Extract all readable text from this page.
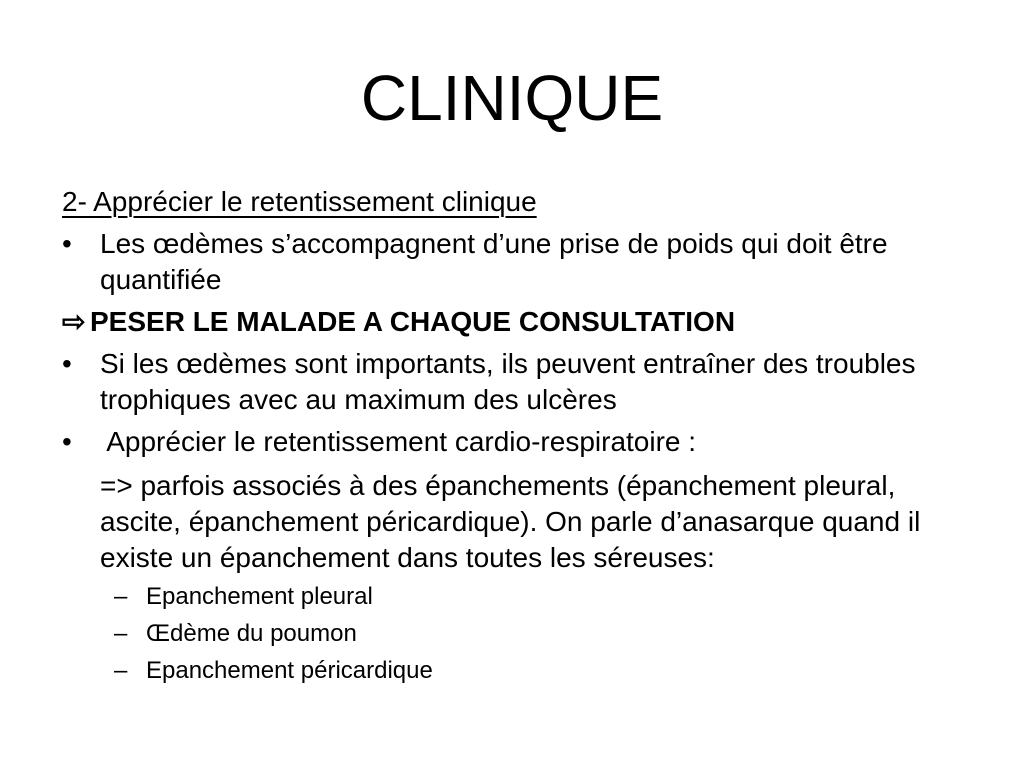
CLINIQUE
2- Apprécier le retentissement clinique
• Les œdèmes s’accompagnent d’une prise de poids qui doit être quantifiée
⇨ PESER LE MALADE A CHAQUE CONSULTATION
• Si les œdèmes sont importants, ils peuvent entraîner des troubles trophiques avec au maximum des ulcères
• Apprécier le retentissement cardio-respiratoire :
=> parfois associés à des épanchements (épanchement pleural, ascite, épanchement péricardique). On parle d’anasarque quand il existe un épanchement dans toutes les séreuses:
– Epanchement pleural
– Œdème du poumon
– Epanchement péricardique
